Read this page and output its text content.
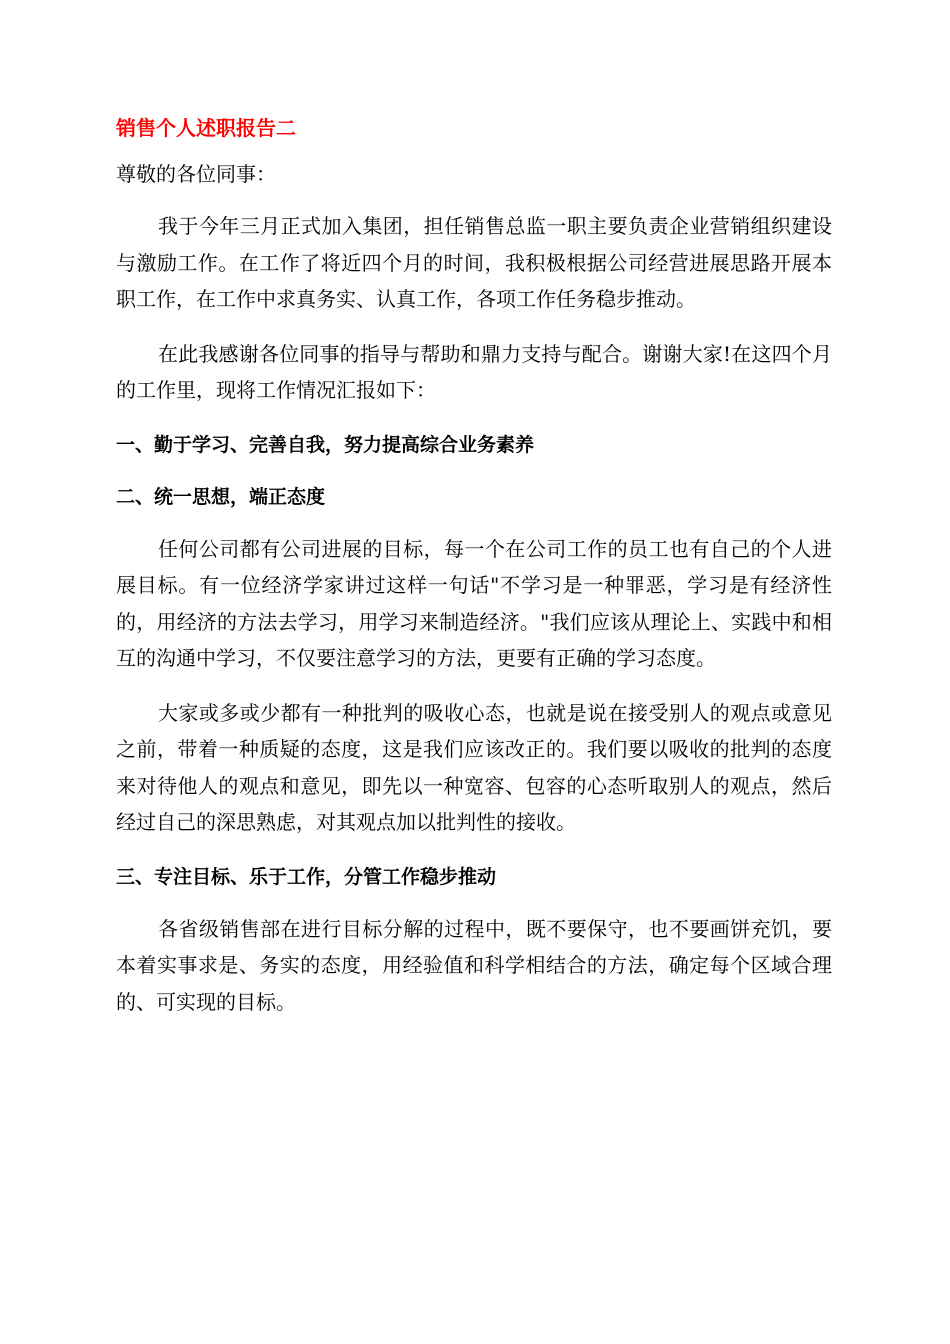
销售个人述职报告二
尊敬的各位同事：

我于今年三月正式加入集团，担任销售总监一职主要负责企业营销组织建设与激励工作。在工作了将近四个月的时间，我积极根据公司经营进展思路开展本职工作，在工作中求真务实、认真工作，各项工作任务稳步推动。

在此我感谢各位同事的指导与帮助和鼎力支持与配合。谢谢大家!在这四个月的工作里，现将工作情况汇报如下：

一、勤于学习、完善自我，努力提高综合业务素养
二、统一思想，端正态度

任何公司都有公司进展的目标，每一个在公司工作的员工也有自己的个人进展目标。有一位经济学家讲过这样一句话"不学习是一种罪恶，学习是有经济性的，用经济的方法去学习，用学习来制造经济。"我们应该从理论上、实践中和相互的沟通中学习，不仅要注意学习的方法，更要有正确的学习态度。

大家或多或少都有一种批判的吸收心态，也就是说在接受别人的观点或意见之前，带着一种质疑的态度，这是我们应该改正的。我们要以吸收的批判的态度来对待他人的观点和意见，即先以一种宽容、包容的心态听取别人的观点，然后经过自己的深思熟虑，对其观点加以批判性的接收。

三、专注目标、乐于工作，分管工作稳步推动

各省级销售部在进行目标分解的过程中，既不要保守，也不要画饼充饥，要本着实事求是、务实的态度，用经验值和科学相结合的方法，确定每个区域合理的、可实现的目标。
